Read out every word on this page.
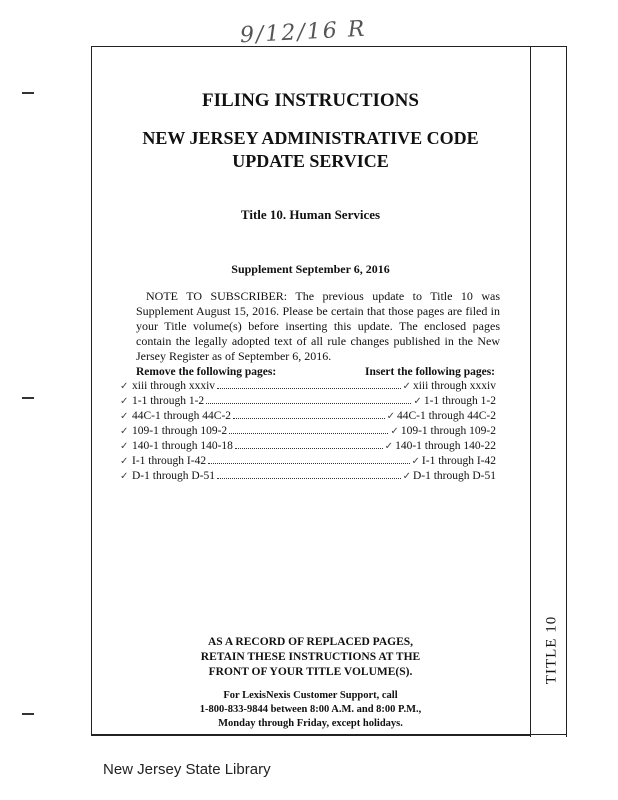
9/12/16 R
TITLE 10
FILING INSTRUCTIONS
NEW JERSEY ADMINISTRATIVE CODE
UPDATE SERVICE
Title 10. Human Services
Supplement September 6, 2016

NOTE TO SUBSCRIBER: The previous update to Title 10 was Supplement August 15, 2016. Please be certain that those pages are filed in your Title volume(s) before inserting this update. The enclosed pages contain the legally adopted text of all rule changes published in the New Jersey Register as of September 6, 2016.

Remove the following pages:	Insert the following pages:
✓ xiii through xxxiv	✓ xiii through xxxiv
✓ 1-1 through 1-2	✓ 1-1 through 1-2
✓ 44C-1 through 44C-2	✓ 44C-1 through 44C-2
✓ 109-1 through 109-2	✓ 109-1 through 109-2
✓ 140-1 through 140-18	✓ 140-1 through 140-22
✓ I-1 through I-42	✓ I-1 through I-42
✓ D-1 through D-51	✓ D-1 through D-51
AS A RECORD OF REPLACED PAGES,
RETAIN THESE INSTRUCTIONS AT THE
FRONT OF YOUR TITLE VOLUME(S).
For LexisNexis Customer Support, call
1-800-833-9844 between 8:00 A.M. and 8:00 P.M.,
Monday through Friday, except holidays.
New Jersey State Library
